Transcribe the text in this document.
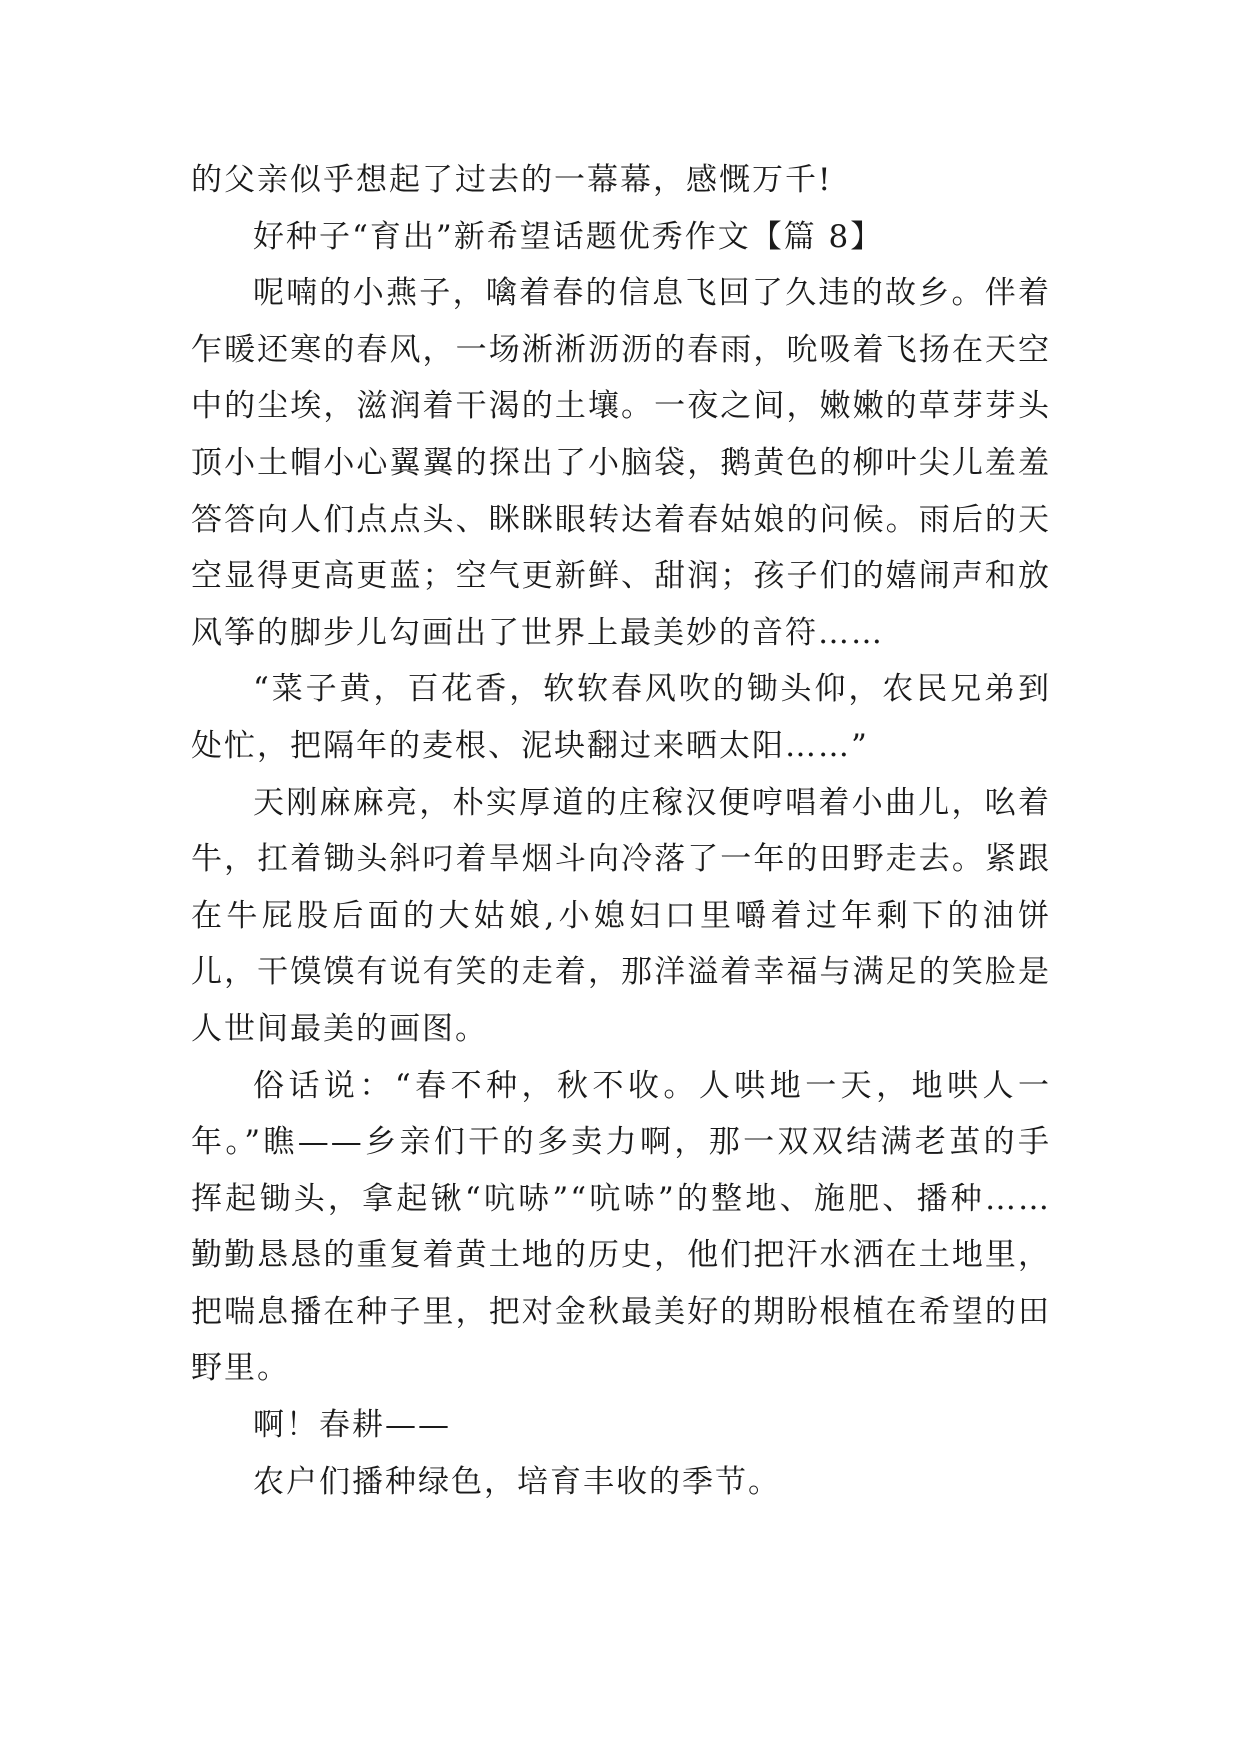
的父亲似乎想起了过去的一幕幕，感慨万千!

好种子“育出”新希望话题优秀作文【篇 8】

呢喃的小燕子，噙着春的信息飞回了久违的故乡。伴着乍暖还寒的春风，一场淅淅沥沥的春雨，吮吸着飞扬在天空中的尘埃，滋润着干渴的土壤。一夜之间，嫩嫩的草芽芽头顶小土帽小心翼翼的探出了小脑袋，鹅黄色的柳叶尖儿羞羞答答向人们点点头、眯眯眼转达着春姑娘的问候。雨后的天空显得更高更蓝；空气更新鲜、甜润；孩子们的嬉闹声和放风筝的脚步儿勾画出了世界上最美妙的音符……

“菜子黄，百花香，软软春风吹的锄头仰，农民兄弟到处忙，把隔年的麦根、泥块翻过来晒太阳……”

天刚麻麻亮，朴实厚道的庄稼汉便哼唱着小曲儿，吆着牛，扛着锄头斜叼着旱烟斗向冷落了一年的田野走去。紧跟在牛屁股后面的大姑娘,小媳妇口里嚼着过年剩下的油饼儿，干馍馍有说有笑的走着，那洋溢着幸福与满足的笑脸是人世间最美的画图。

俗话说：“春不种，秋不收。人哄地一天，地哄人一年。”瞧——乡亲们干的多卖力啊，那一双双结满老茧的手挥起锄头，拿起锹“吭哧”“吭哧”的整地、施肥、播种……勤勤恳恳的重复着黄土地的历史，他们把汗水洒在土地里，把喘息播在种子里，把对金秋最美好的期盼根植在希望的田野里。

啊！春耕——

农户们播种绿色，培育丰收的季节。
